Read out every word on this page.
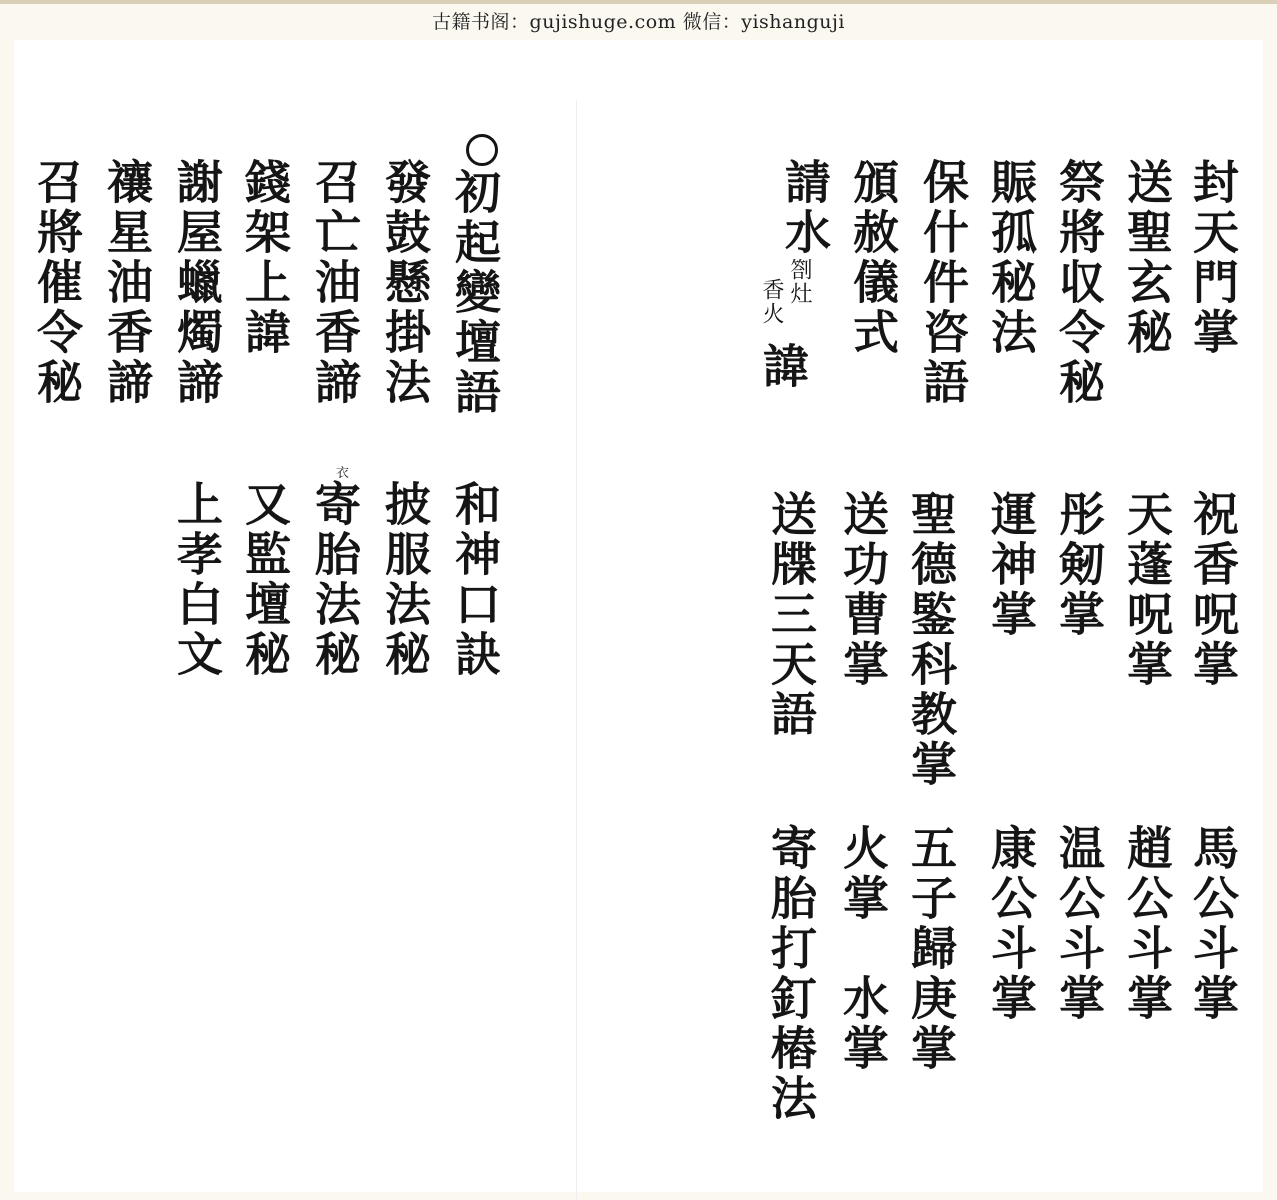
古籍书阁：gujishuge.com 微信：yishanguji
封天門掌
送聖玄秘
祭將収令秘
賑孤秘法
保什件咨語
頒赦儀式
請水
劄灶
香火
諱
祝香呪掌
天蓬呪掌
彤剱掌
運神掌
聖德鍳科教掌
送功曹掌
送牒三天語
馬公斗掌
趙公斗掌
温公斗掌
康公斗掌
五子歸庚掌
火掌　水掌
寄胎打釘樁法
初起變壇語
發鼓懸掛法
召亡油香諦
錢架上諱
謝屋蠟燭諦
禳星油香諦
召將催令秘
和神口訣
披服法秘
衣
寄胎法秘
又監壇秘
上孝白文
